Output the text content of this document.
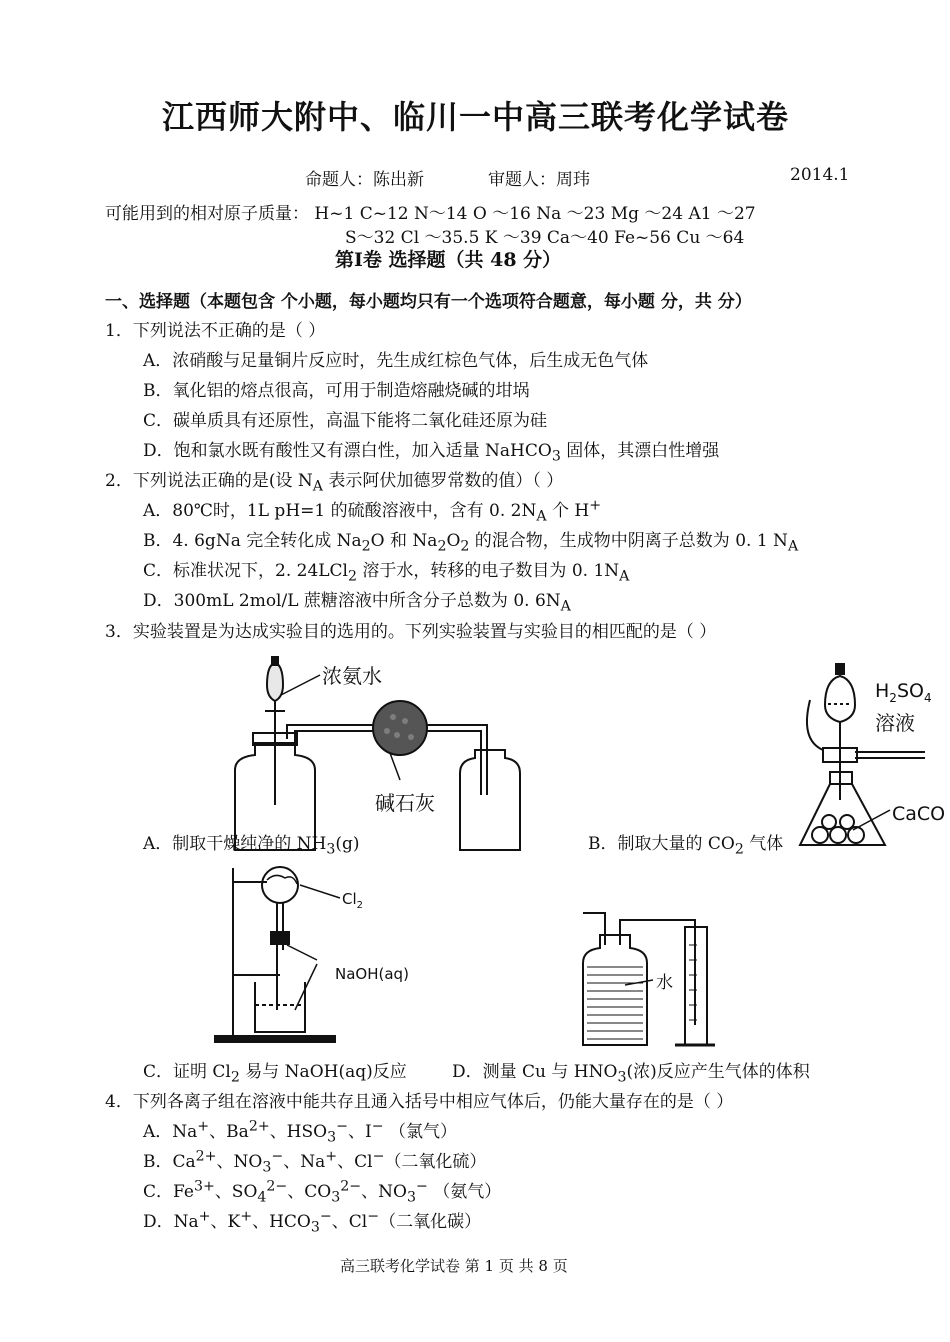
江西师大附中、临川一中高三联考化学试卷
命题人：陈出新	审题人：周玮	2014.1
可能用到的相对原子质量： H~1 C~12 N～14 O ～16 Na ～23 Mg ～24 A1 ～27
S～32 Cl ～35.5 K ～39 Ca～40 Fe~56 Cu ～64
第Ⅰ卷 选择题（共 48 分）
一、选择题（本题包含 个小题，每小题均只有一个选项符合题意，每小题 分，共 分）
1．下列说法不正确的是（ ）
A．浓硝酸与足量铜片反应时，先生成红棕色气体，后生成无色气体
B．氧化铝的熔点很高，可用于制造熔融烧碱的坩埚
C．碳单质具有还原性，高温下能将二氧化硅还原为硅
D．饱和氯水既有酸性又有漂白性，加入适量 NaHCO$_3$ 固体，其漂白性增强
2．下列说法正确的是(设 $N_A$ 表示阿伏加德罗常数的值）（ ）
A．80℃时，1L pH=1 的硫酸溶液中，含有 0. $2N_A$ 个 H+
B．4. 6gNa 完全转化成 $Na_2O$ 和 $Na_2O_2$ 的混合物，生成物中阴离子总数为 0. 1 $N_A$
C．标准状况下，2. 24LCl$_2$ 溶于水，转移的电子数目为 0. $1N_A$
D．300mL 2mol/L 蔗糖溶液中所含分子总数为 0. $6N_A$
3．实验装置是为达成实验目的选用的。下列实验装置与实验目的相匹配的是（ ）
浓氨水
碱石灰
A．制取干燥纯净的 $NH_3(g)$	B．制取大量的 $CO_2$ 气体
$H_2SO_4$
溶液
CaCO
$Cl_2$
NaOH(aq)	水
C．证明 $Cl_2$ 易与 NaOH(aq)反应	D．测量 Cu 与 $HNO_3$(浓)反应产生气体的体积
4．下列各离子组在溶液中能共存且通入括号中相应气体后，仍能大量存在的是（ ）
A．Na+、$Ba^{2+}$、$HSO_3^-$、I− （氯气）
B．$Ca^{2+}$、$NO_3^-$、Na+、Cl−（二氧化硫）
C．$Fe^{3+}$、$SO_4^{2-}$、$CO_3^{2-}$、$NO_3^-$ （氨气）
D．Na+、K+、$HCO_3^-$、Cl−（二氧化碳）
高三联考化学试卷 第 1 页 共 8 页
